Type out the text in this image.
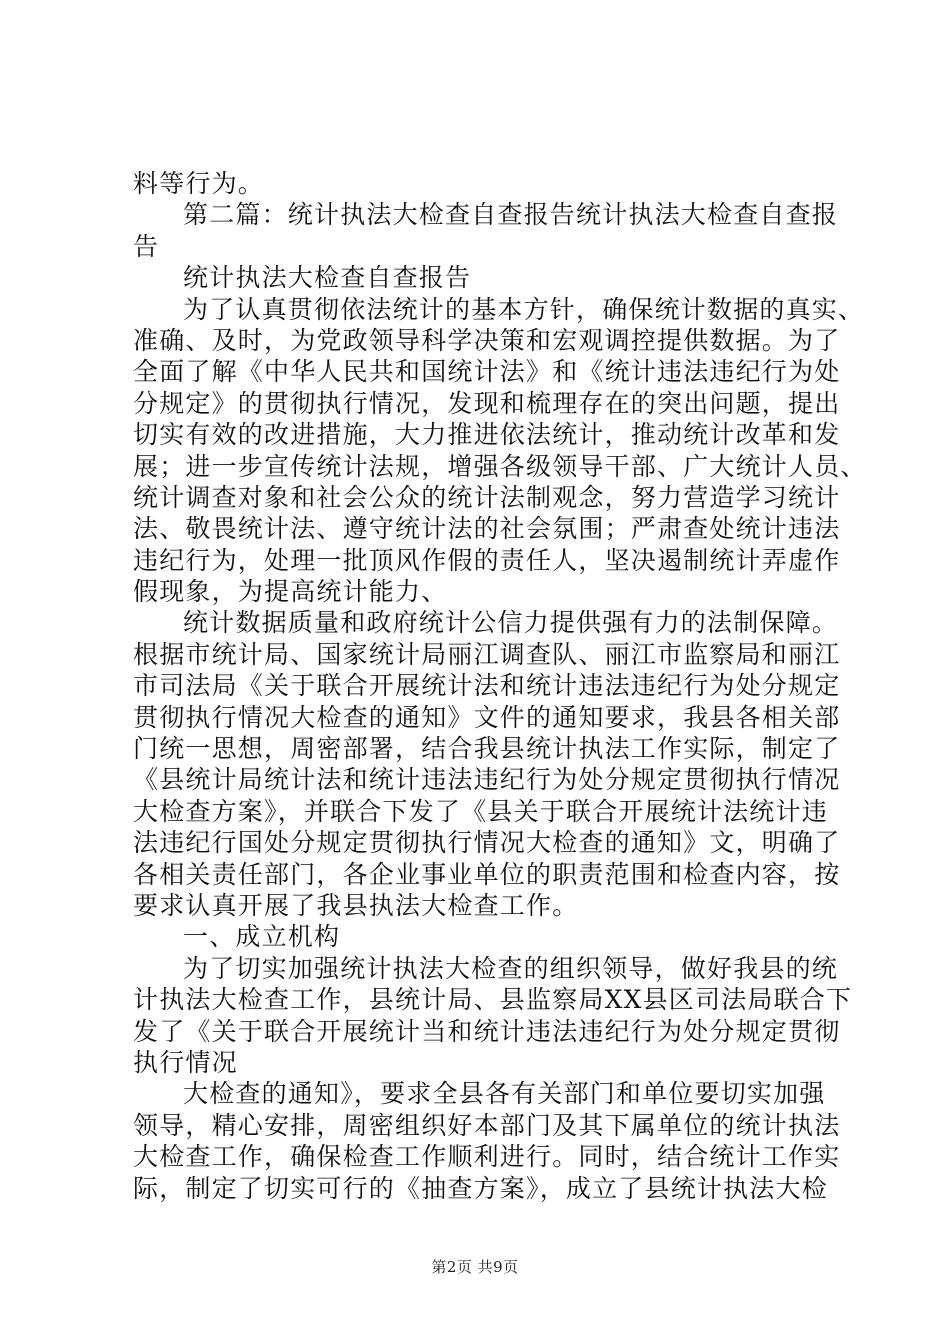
料等行为。
第二篇：统计执法大检查自查报告统计执法大检查自查报
告
统计执法大检查自查报告
为了认真贯彻依法统计的基本方针，确保统计数据的真实、
准确、及时，为党政领导科学决策和宏观调控提供数据。为了
全面了解《中华人民共和国统计法》和《统计违法违纪行为处
分规定》的贯彻执行情况，发现和梳理存在的突出问题，提出
切实有效的改进措施，大力推进依法统计，推动统计改革和发
展；进一步宣传统计法规，增强各级领导干部、广大统计人员、
统计调查对象和社会公众的统计法制观念，努力营造学习统计
法、敬畏统计法、遵守统计法的社会氛围；严肃查处统计违法
违纪行为，处理一批顶风作假的责任人，坚决遏制统计弄虚作
假现象，为提高统计能力、
统计数据质量和政府统计公信力提供强有力的法制保障。
根据市统计局、国家统计局丽江调查队、丽江市监察局和丽江
市司法局《关于联合开展统计法和统计违法违纪行为处分规定
贯彻执行情况大检查的通知》文件的通知要求，我县各相关部
门统一思想，周密部署，结合我县统计执法工作实际，制定了
《县统计局统计法和统计违法违纪行为处分规定贯彻执行情况
大检查方案》，并联合下发了《县关于联合开展统计法统计违
法违纪行国处分规定贯彻执行情况大检查的通知》文，明确了
各相关责任部门，各企业事业单位的职责范围和检查内容，按
要求认真开展了我县执法大检查工作。
一、成立机构
为了切实加强统计执法大检查的组织领导，做好我县的统
计执法大检查工作，县统计局、县监察局XX县区司法局联合下
发了《关于联合开展统计当和统计违法违纪行为处分规定贯彻
执行情况
大检查的通知》，要求全县各有关部门和单位要切实加强
领导，精心安排，周密组织好本部门及其下属单位的统计执法
大检查工作，确保检查工作顺利进行。同时，结合统计工作实
际，制定了切实可行的《抽查方案》，成立了县统计执法大检
第2页 共9页
